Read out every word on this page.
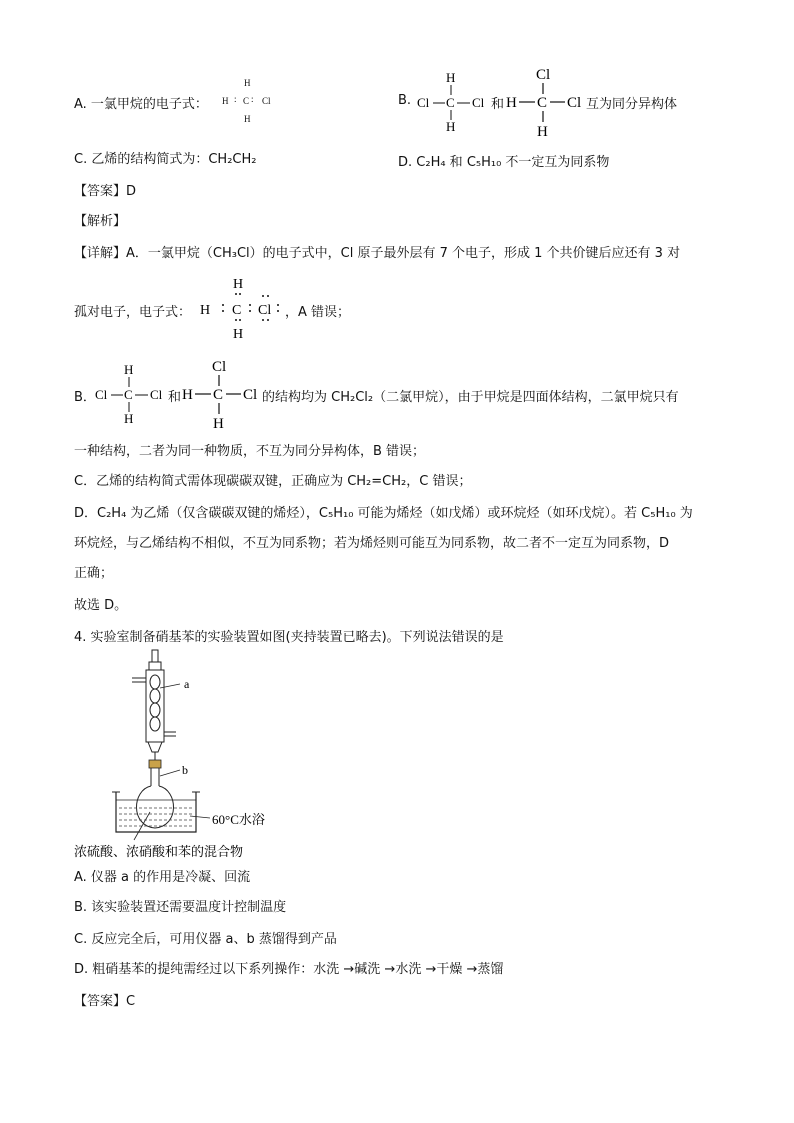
A. 一氯甲烷的电子式：
H
H : C : Cl
H
B.
H
Cl C Cl
H
和
Cl
H C Cl
H
互为同分异构体
C. 乙烯的结构简式为：CH₂CH₂	D. C₂H₄ 和 C₅H₁₀ 不一定互为同系物
【答案】D
【解析】
【详解】A．一氯甲烷（CH₃Cl）的电子式中，Cl 原子最外层有 7 个电子，形成 1 个共价键后应还有 3 对
孤对电子，电子式：
H
H C Cl
H
，A 错误；
B．
H
Cl C Cl
H
和
Cl
H C Cl
H
的结构均为 CH₂Cl₂（二氯甲烷），由于甲烷是四面体结构，二氯甲烷只有
一种结构，二者为同一种物质，不互为同分异构体，B 错误；
C．乙烯的结构简式需体现碳碳双键，正确应为 CH₂=CH₂，C 错误；
D．C₂H₄ 为乙烯（仅含碳碳双键的烯烃），C₅H₁₀ 可能为烯烃（如戊烯）或环烷烃（如环戊烷）。若 C₅H₁₀ 为
环烷烃，与乙烯结构不相似，不互为同系物；若为烯烃则可能互为同系物，故二者不一定互为同系物，D
正确；
故选 D。
4. 实验室制备硝基苯的实验装置如图(夹持装置已略去)。下列说法错误的是
a
b
60°C水浴
浓硫酸、浓硝酸和苯的混合物
A. 仪器 a 的作用是冷凝、回流
B. 该实验装置还需要温度计控制温度
C. 反应完全后，可用仪器 a、b 蒸馏得到产品
D. 粗硝基苯的提纯需经过以下系列操作：水洗 →碱洗 →水洗 →干燥 →蒸馏
【答案】C
